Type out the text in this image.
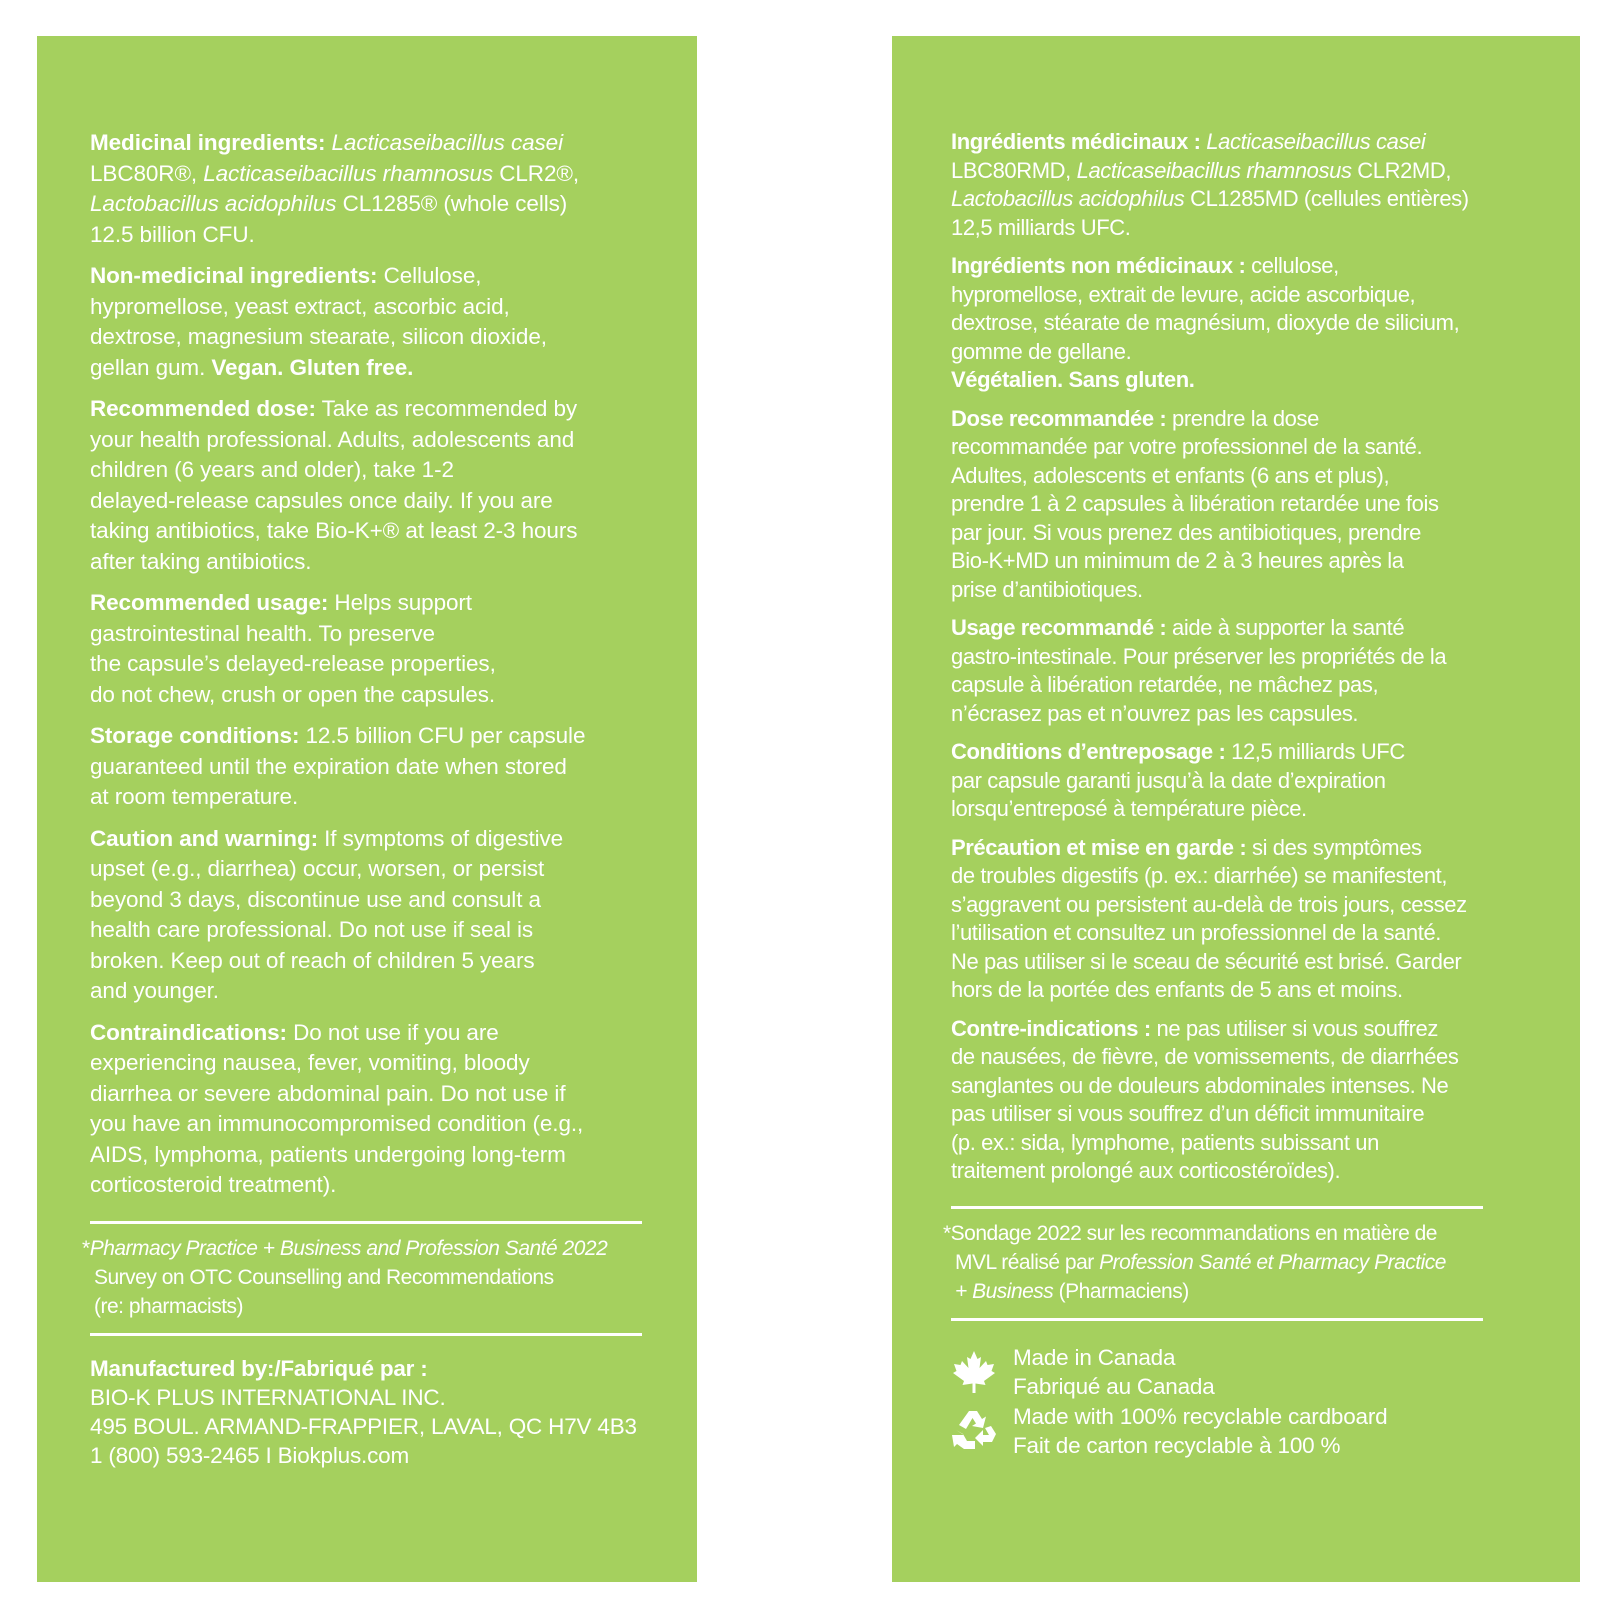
Medicinal ingredients: Lacticaseibacillus casei
LBC80R®, Lacticaseibacillus rhamnosus CLR2®,
Lactobacillus acidophilus CL1285® (whole cells)
12.5 billion CFU.
Non-medicinal ingredients: Cellulose,
hypromellose, yeast extract, ascorbic acid,
dextrose, magnesium stearate, silicon dioxide,
gellan gum. Vegan. Gluten free.
Recommended dose: Take as recommended by
your health professional. Adults, adolescents and
children (6 years and older), take 1-2
delayed-release capsules once daily. If you are
taking antibiotics, take Bio-K+® at least 2-3 hours
after taking antibiotics.
Recommended usage: Helps support
gastrointestinal health. To preserve
the capsule’s delayed-release properties,
do not chew, crush or open the capsules.
Storage conditions: 12.5 billion CFU per capsule
guaranteed until the expiration date when stored
at room temperature.
Caution and warning: If symptoms of digestive
upset (e.g., diarrhea) occur, worsen, or persist
beyond 3 days, discontinue use and consult a
health care professional. Do not use if seal is
broken. Keep out of reach of children 5 years
and younger.
Contraindications: Do not use if you are
experiencing nausea, fever, vomiting, bloody
diarrhea or severe abdominal pain. Do not use if
you have an immunocompromised condition (e.g.,
AIDS, lymphoma, patients undergoing long-term
corticosteroid treatment).
*Pharmacy Practice + Business and Profession Santé 2022
Survey on OTC Counselling and Recommendations
(re: pharmacists)
Manufactured by:/Fabriqué par :
BIO-K PLUS INTERNATIONAL INC.
495 BOUL. ARMAND-FRAPPIER, LAVAL, QC H7V 4B3
1 (800) 593-2465 I Biokplus.com
Ingrédients médicinaux : Lacticaseibacillus casei
LBC80RMD, Lacticaseibacillus rhamnosus CLR2MD,
Lactobacillus acidophilus CL1285MD (cellules entières)
12,5 milliards UFC.
Ingrédients non médicinaux : cellulose,
hypromellose, extrait de levure, acide ascorbique,
dextrose, stéarate de magnésium, dioxyde de silicium,
gomme de gellane.
Végétalien. Sans gluten.
Dose recommandée : prendre la dose
recommandée par votre professionnel de la santé.
Adultes, adolescents et enfants (6 ans et plus),
prendre 1 à 2 capsules à libération retardée une fois
par jour. Si vous prenez des antibiotiques, prendre
Bio-K+MD un minimum de 2 à 3 heures après la
prise d’antibiotiques.
Usage recommandé : aide à supporter la santé
gastro-intestinale. Pour préserver les propriétés de la
capsule à libération retardée, ne mâchez pas,
n’écrasez pas et n’ouvrez pas les capsules.
Conditions d’entreposage : 12,5 milliards UFC
par capsule garanti jusqu’à la date d’expiration
lorsqu’entreposé à température pièce.
Précaution et mise en garde : si des symptômes
de troubles digestifs (p. ex.: diarrhée) se manifestent,
s’aggravent ou persistent au-delà de trois jours, cessez
l’utilisation et consultez un professionnel de la santé.
Ne pas utiliser si le sceau de sécurité est brisé. Garder
hors de la portée des enfants de 5 ans et moins.
Contre-indications : ne pas utiliser si vous souffrez
de nausées, de fièvre, de vomissements, de diarrhées
sanglantes ou de douleurs abdominales intenses. Ne
pas utiliser si vous souffrez d’un déficit immunitaire
(p. ex.: sida, lymphome, patients subissant un
traitement prolongé aux corticostéroïdes).
*Sondage 2022 sur les recommandations en matière de
MVL réalisé par Profession Santé et Pharmacy Practice
+ Business (Pharmaciens)
Made in Canada
Fabriqué au Canada
Made with 100% recyclable cardboard
Fait de carton recyclable à 100 %
